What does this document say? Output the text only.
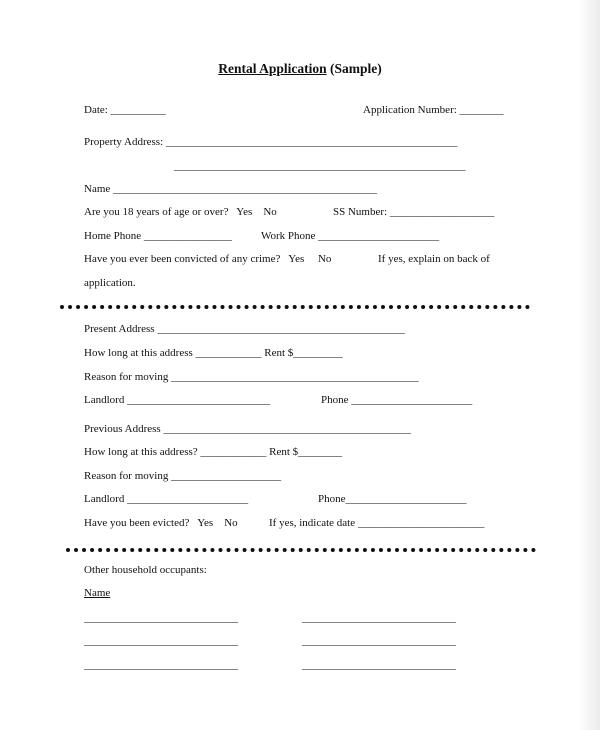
Rental Application (Sample)
Date: __________	Application Number: ________
Property Address: _____________________________________________________
_____________________________________________________
Name ________________________________________________
Are you 18 years of age or over?   Yes    No	SS Number: ___________________
Home Phone ________________	Work Phone ______________________
Have you ever been convicted of any crime?   Yes     No	If yes, explain on back of
application.
Present Address _____________________________________________
How long at this address ____________ Rent $_________
Reason for moving _____________________________________________
Landlord __________________________	Phone ______________________
Previous Address _____________________________________________
How long at this address? ____________ Rent $________
Reason for moving ____________________
Landlord ______________________	Phone______________________
Have you been evicted?   Yes    No	If yes, indicate date _______________________
Other household occupants:
Name
____________________________	____________________________
____________________________	____________________________
____________________________	____________________________
